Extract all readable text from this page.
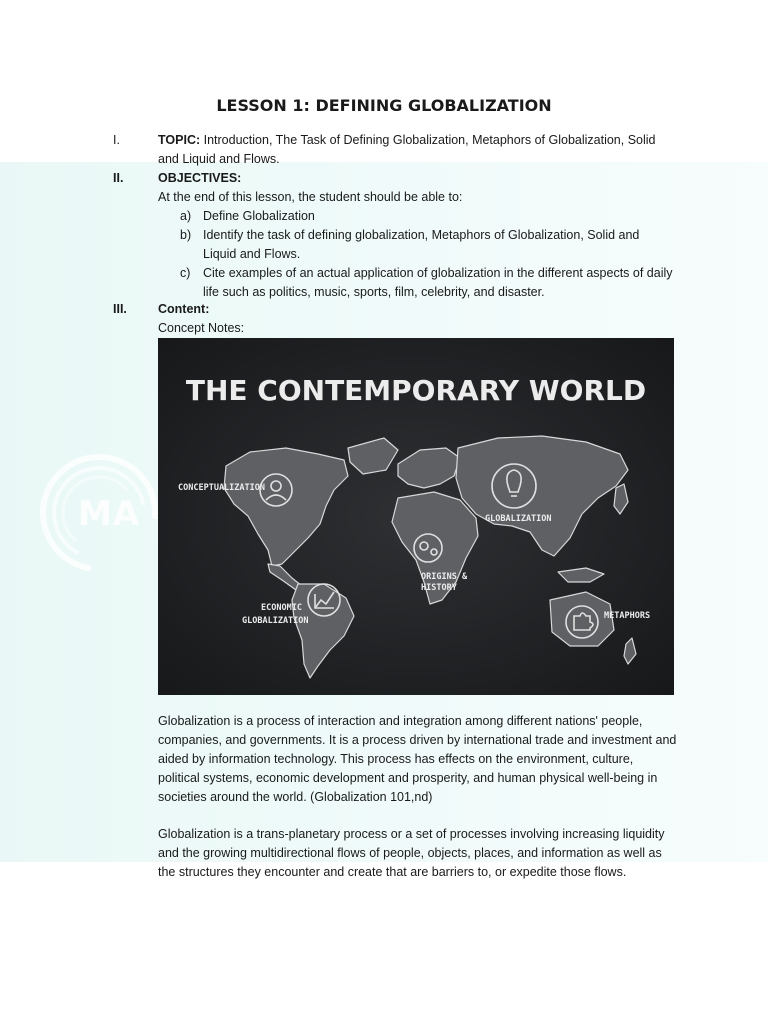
MA
LESSON 1: DEFINING GLOBALIZATION
I.	TOPIC: Introduction, The Task of Defining Globalization, Metaphors of Globalization, Solid and Liquid and Flows.
II.	OBJECTIVES:
At the end of this lesson, the student should be able to:
a) Define Globalization
b) Identify the task of defining globalization, Metaphors of Globalization, Solid and Liquid and Flows.
c) Cite examples of an actual application of globalization in the different aspects of daily life such as politics, music, sports, film, celebrity, and disaster.
III. Content:
Concept Notes:
THE CONTEMPORARY WORLD
CONCEPTUALIZATION
GLOBALIZATION
ORIGINS &
HISTORY
ECONOMIC
GLOBALIZATION	METAPHORS
Globalization is a process of interaction and integration among different nations' people, companies, and governments. It is a process driven by international trade and investment and aided by information technology. This process has effects on the environment, culture, political systems, economic development and prosperity, and human physical well-being in societies around the world. (Globalization 101,nd)
Globalization is a trans-planetary process or a set of processes involving increasing liquidity and the growing multidirectional flows of people, objects, places, and information as well as the structures they encounter and create that are barriers to, or expedite those flows.
